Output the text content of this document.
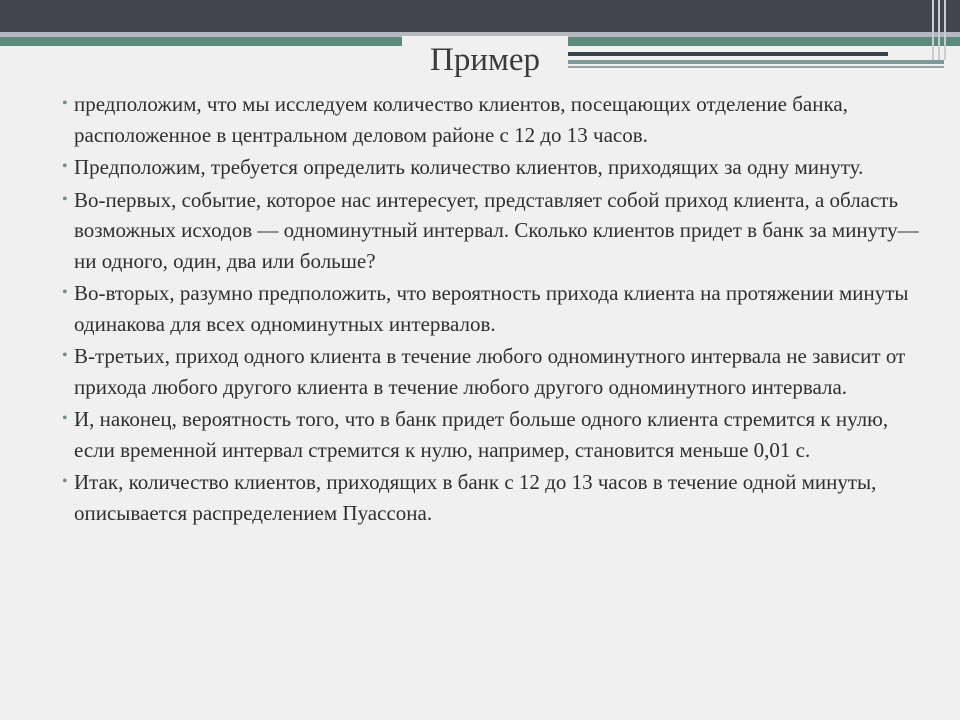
Пример
• предположим, что мы исследуем количество клиентов, посещающих отделение банка, расположенное в центральном деловом районе с 12 до 13 часов.
• Предположим, требуется определить количество клиентов, приходящих за одну минуту.
• Во-первых, событие, которое нас интересует, представляет собой приход клиента, а область возможных исходов — одноминутный интервал. Сколько клиентов придет в банк за минуту— ни одного, один, два или больше?
• Во-вторых, разумно предположить, что вероятность прихода клиента на протяжении минуты одинакова для всех одноминутных интервалов.
• В-третьих, приход одного клиента в течение любого одноминутного интервала не зависит от прихода любого другого клиента в течение любого другого одноминутного интервала.
• И, наконец, вероятность того, что в банк придет больше одного клиента стремится к нулю, если временной интервал стремится к нулю, например, становится меньше 0,01 с.
• Итак, количество клиентов, приходящих в банк с 12 до 13 часов в течение одной минуты, описывается распределением Пуассона.
